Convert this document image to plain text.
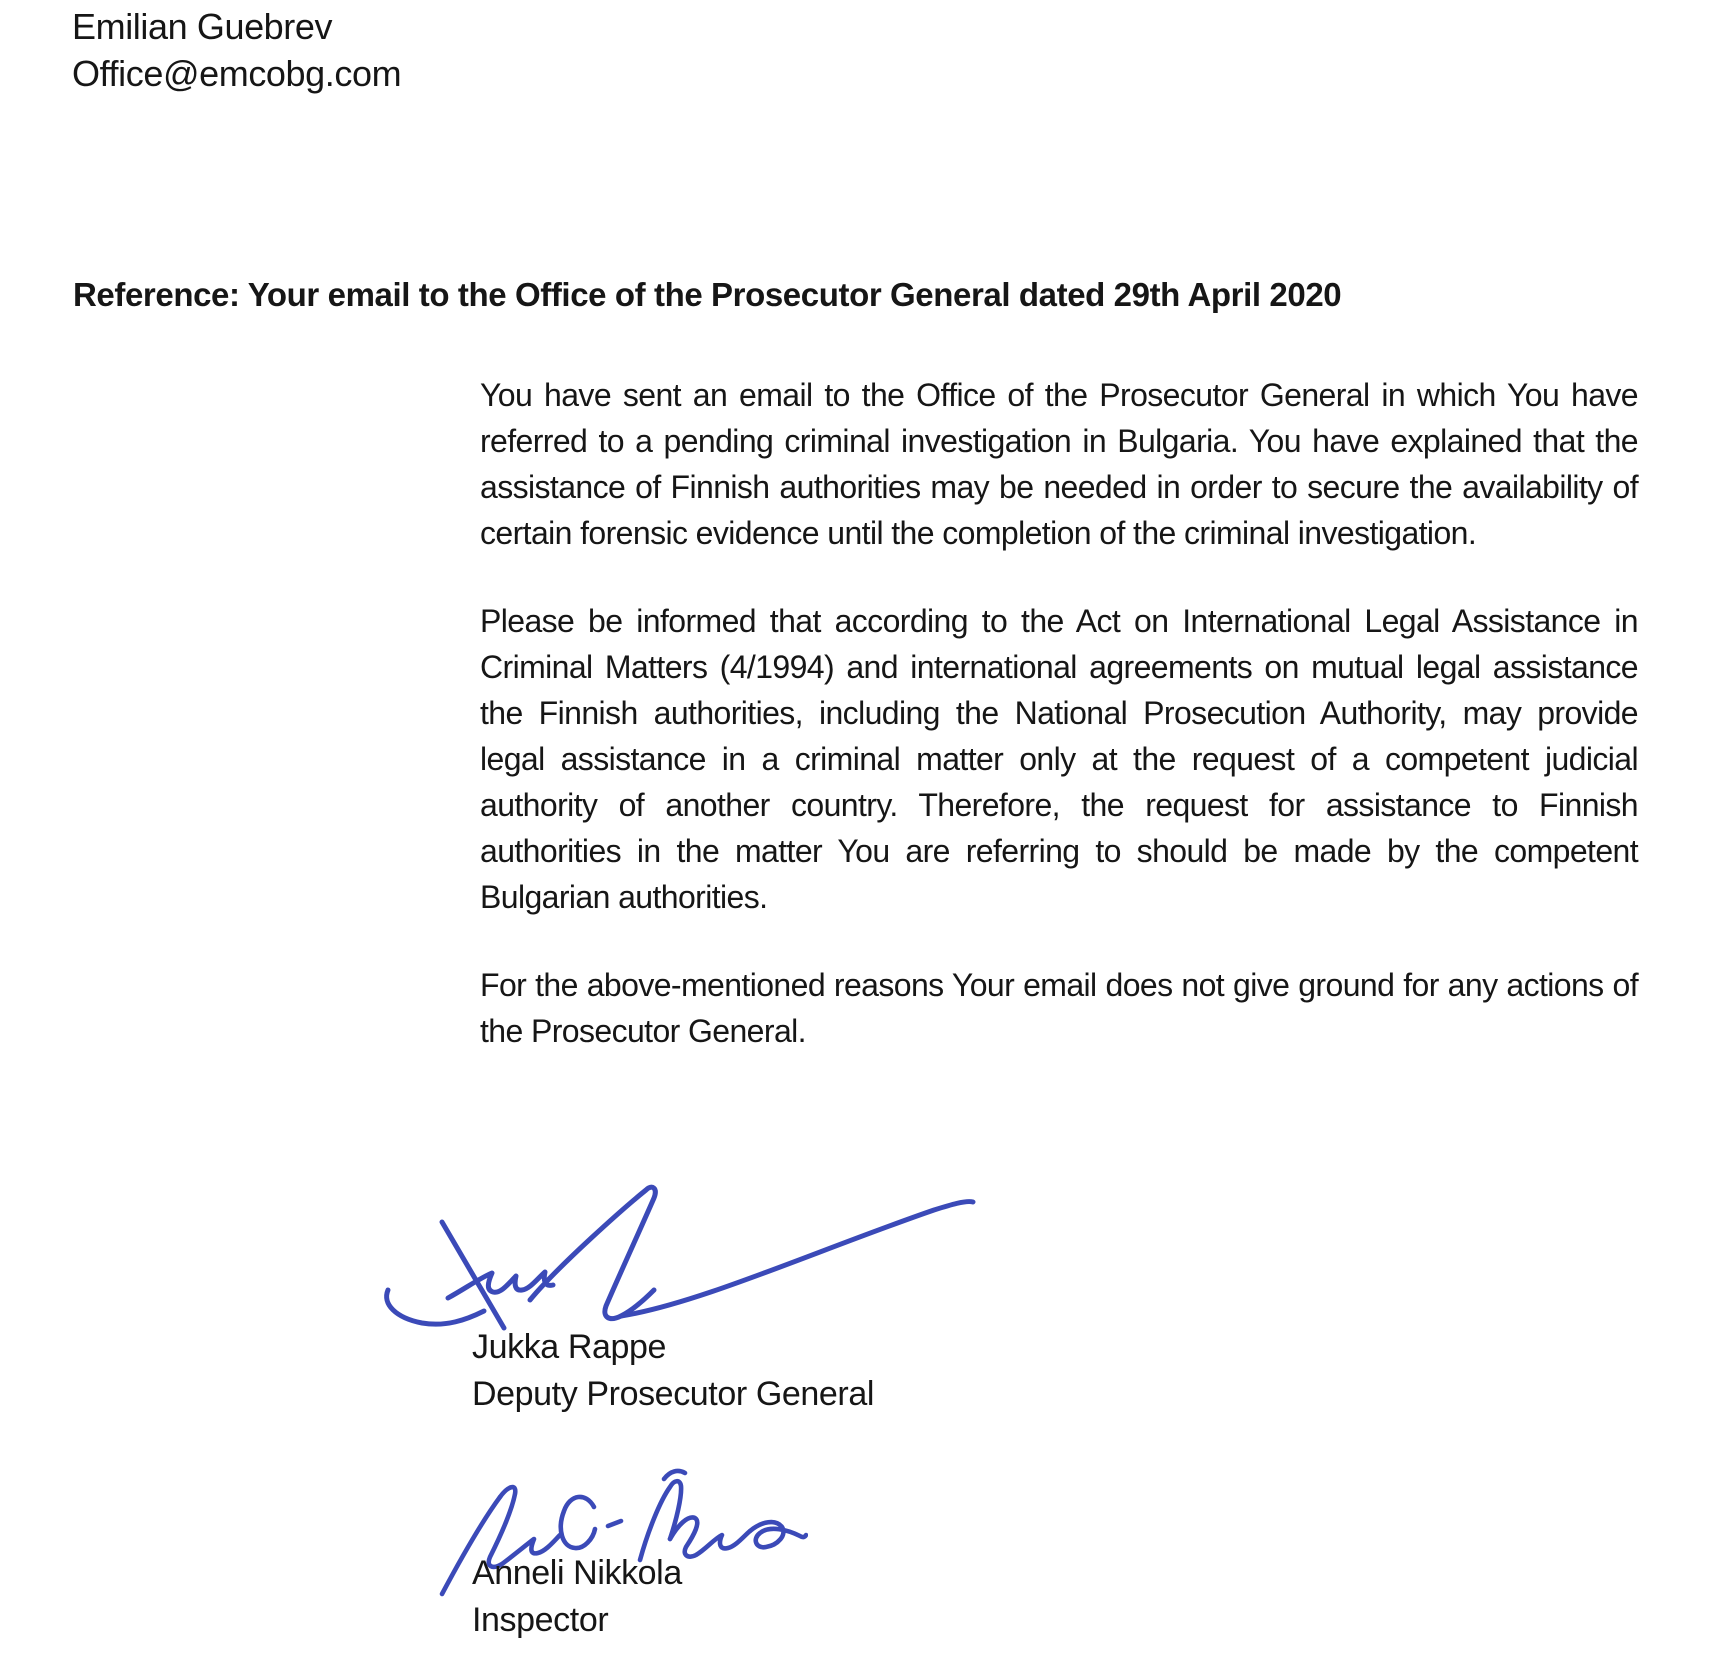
Emilian Guebrev
Office@emcobg.com
Reference: Your email to the Office of the Prosecutor General dated 29th April 2020

You have sent an email to the Office of the Prosecutor General in which You have referred to a pending criminal investigation in Bulgaria. You have explained that the assistance of Finnish authorities may be needed in order to secure the availability of certain forensic evidence until the completion of the criminal investigation.

Please be informed that according to the Act on International Legal Assistance in Criminal Matters (4/1994) and international agreements on mutual legal assistance the Finnish authorities, including the National Prosecution Authority, may provide legal assistance in a criminal matter only at the request of a competent judicial authority of another country. Therefore, the request for assistance to Finnish authorities in the matter You are referring to should be made by the competent Bulgarian authorities.

For the above-mentioned reasons Your email does not give ground for any actions of the Prosecutor General.

Jukka Rappe
Deputy Prosecutor General
Anneli Nikkola
Inspector
